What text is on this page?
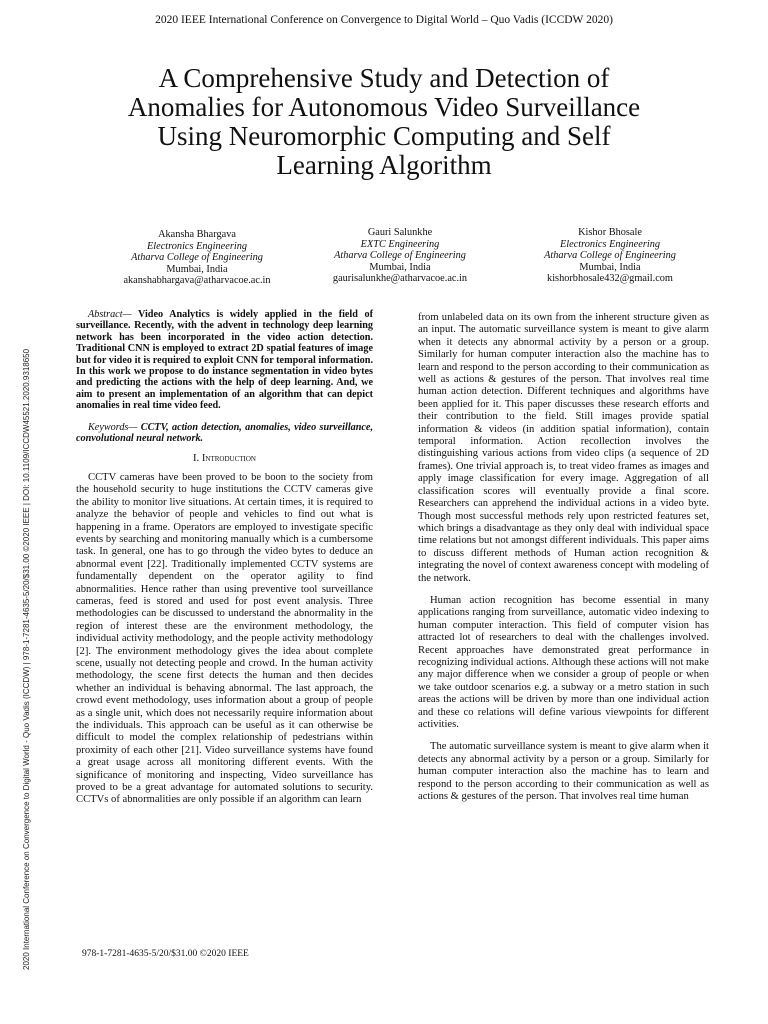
2020 IEEE International Conference on Convergence to Digital World – Quo Vadis (ICCDW 2020)
A Comprehensive Study and Detection of
Anomalies for Autonomous Video Surveillance
Using Neuromorphic Computing and Self
Learning Algorithm
Akansha Bhargava
Electronics Engineering
Atharva College of Engineering
Mumbai, India
akanshabhargava@atharvacoe.ac.in
Gauri Salunkhe
EXTC Engineering
Atharva College of Engineering
Mumbai, India
gaurisalunkhe@atharvacoe.ac.in
Kishor Bhosale
Electronics Engineering
Atharva College of Engineering
Mumbai, India
kishorbhosale432@gmail.com
2020 International Conference on Convergence to Digital World - Quo Vadis (ICCDW) | 978-1-7281-4635-5/20/$31.00 ©2020 IEEE | DOI: 10.1109/ICCDW45521.2020.9318650

Abstract— Video Analytics is widely applied in the field of surveillance. Recently, with the advent in technology deep learning network has been incorporated in the video action detection. Traditional CNN is employed to extract 2D spatial features of image but for video it is required to exploit CNN for temporal information. In this work we propose to do instance segmentation in video bytes and predicting the actions with the help of deep learning. And, we aim to present an implementation of an algorithm that can depict anomalies in real time video feed.

Keywords— CCTV, action detection, anomalies, video surveillance, convolutional neural network.

I. Introduction

CCTV cameras have been proved to be boon to the society from the household security to huge institutions the CCTV cameras give the ability to monitor live situations. At certain times, it is required to analyze the behavior of people and vehicles to find out what is happening in a frame. Operators are employed to investigate specific events by searching and monitoring manually which is a cumbersome task. In general, one has to go through the video bytes to deduce an abnormal event [22]. Traditionally implemented CCTV systems are fundamentally dependent on the operator agility to find abnormalities. Hence rather than using preventive tool surveillance cameras, feed is stored and used for post event analysis. Three methodologies can be discussed to understand the abnormality in the region of interest these are the environment methodology, the individual activity methodology, and the people activity methodology [2]. The environment methodology gives the idea about complete scene, usually not detecting people and crowd. In the human activity methodology, the scene first detects the human and then decides whether an individual is behaving abnormal. The last approach, the crowd event methodology, uses information about a group of people as a single unit, which does not necessarily require information about the individuals. This approach can be useful as it can otherwise be difficult to model the complex relationship of pedestrians within proximity of each other [21]. Video surveillance systems have found a great usage across all monitoring different events. With the significance of monitoring and inspecting, Video surveillance has proved to be a great advantage for automated solutions to security. CCTVs of abnormalities are only possible if an algorithm can learn

from unlabeled data on its own from the inherent structure given as an input. The automatic surveillance system is meant to give alarm when it detects any abnormal activity by a person or a group. Similarly for human computer interaction also the machine has to learn and respond to the person according to their communication as well as actions & gestures of the person. That involves real time human action detection. Different techniques and algorithms have been applied for it. This paper discusses these research efforts and their contribution to the field. Still images provide spatial information & videos (in addition spatial information), contain temporal information. Action recollection involves the distinguishing various actions from video clips (a sequence of 2D frames). One trivial approach is, to treat video frames as images and apply image classification for every image. Aggregation of all classification scores will eventually provide a final score. Researchers can apprehend the individual actions in a video byte. Though most successful methods rely upon restricted features set, which brings a disadvantage as they only deal with individual space time relations but not amongst different individuals. This paper aims to discuss different methods of Human action recognition & integrating the novel of context awareness concept with modeling of the network.

Human action recognition has become essential in many applications ranging from surveillance, automatic video indexing to human computer interaction. This field of computer vision has attracted lot of researchers to deal with the challenges involved. Recent approaches have demonstrated great performance in recognizing individual actions. Although these actions will not make any major difference when we consider a group of people or when we take outdoor scenarios e.g. a subway or a metro station in such areas the actions will be driven by more than one individual action and these co relations will define various viewpoints for different activities.

The automatic surveillance system is meant to give alarm when it detects any abnormal activity by a person or a group. Similarly for human computer interaction also the machine has to learn and respond to the person according to their communication as well as actions & gestures of the person. That involves real time human

978-1-7281-4635-5/20/$31.00 ©2020 IEEE
